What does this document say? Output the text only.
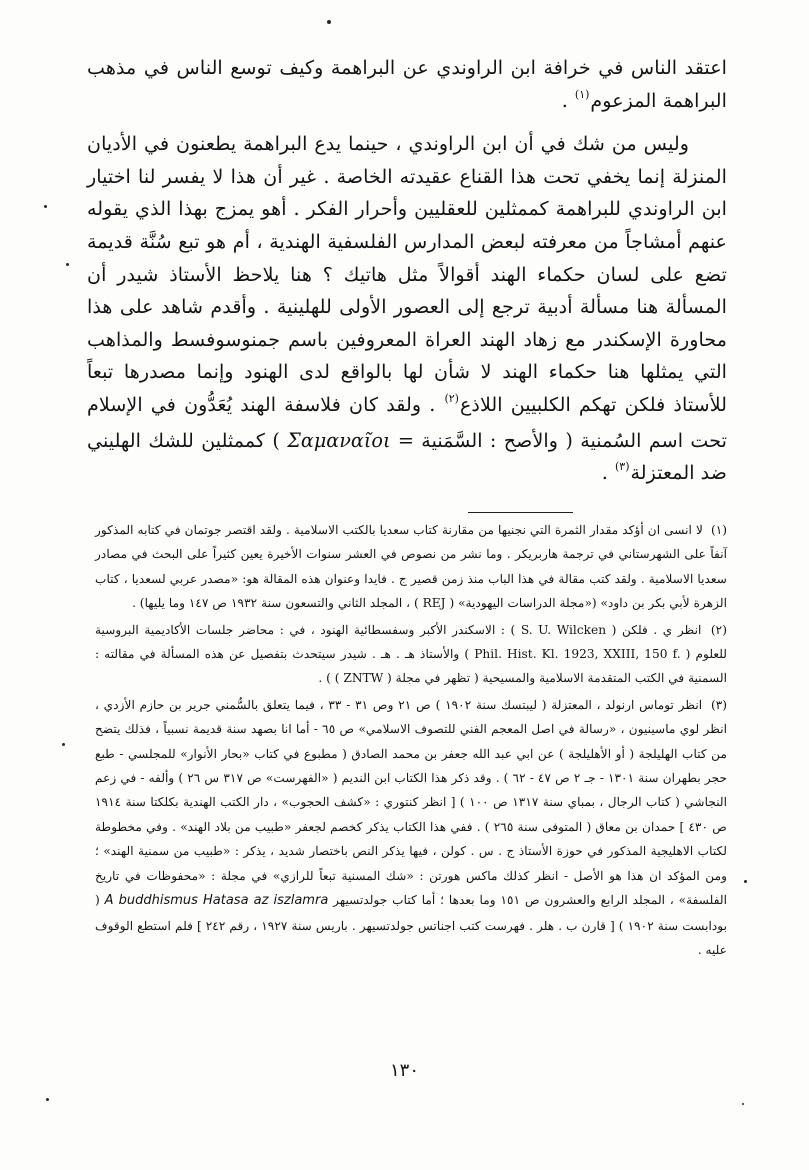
اعتقد الناس في خرافة ابن الراوندي عن البراهمة وكيف توسع الناس في مذهب البراهمة المزعوم$^{(١)}$ .

وليس من شك في أن ابن الراوندي ، حينما يدع البراهمة يطعنون في الأديان المنزلة إنما يخفي تحت هذا القناع عقيدته الخاصة . غير أن هذا لا يفسر لنا اختيار ابن الراوندي للبراهمة كممثلين للعقليين وأحرار الفكر . أهو يمزج بهذا الذي يقوله عنهم أمشاجاً من معرفته لبعض المدارس الفلسفية الهندية ، أم هو تبع سُنَّة قديمة تضع على لسان حكماء الهند أقوالاً مثل هاتيك ؟ هنا يلاحظ الأستاذ شيدر أن المسألة هنا مسألة أدبية ترجع إلى العصور الأولى للهلينية . وأقدم شاهد على هذا محاورة الإسكندر مع زهاد الهند العراة المعروفين باسم جمنوسوفسط والمذاهب التي يمثلها هنا حكماء الهند لا شأن لها بالواقع لدى الهنود وإنما مصدرها تبعاً للأستاذ فلكن تهكم الكلبيين اللاذع$^{(٢)}$ . ولقد كان فلاسفة الهند يُعَدُّون في الإسلام تحت اسم السُمنية ( والأصح : السَّمَنية = Σαμαναῖοι ) كممثلين للشك الهليني ضد المعتزلة$^{(٣)}$ .

(١) لا انسى ان أؤكد مقدار الثمرة التي نجنيها من مقارنة كتاب سعديا بالكتب الاسلامية . ولقد اقتصر جوتمان في كتابه المذكور آنفاً على الشهرستاني في ترجمة هاربريكر . وما نشر من نصوص في العشر سنوات الأخيرة يعين كثيراً على البحث في مصادر سعديا الاسلامية . ولقد كتب مقالة في هذا الباب منذ زمن قصير ج . فايدا وعنوان هذه المقالة هو: «مصدر عربي لسعديا ، كتاب الزهرة لأبي بكر بن داود» («مجلة الدراسات اليهودية» ( REJ ) ، المجلد الثاني والتسعون سنة ١٩٣٢ ص ١٤٧ وما يليها) .

(٢) انظر ي . فلكن ( S. U. Wilcken ) : الاسكندر الأكبر وسفسطائية الهنود ، في : محاضر جلسات الأكاديمية البروسية للعلوم ( Phil. Hist. Kl. 1923, XXIII, 150 f. ) والأستاذ هـ . هـ . شيدر سيتحدث بتفصيل عن هذه المسألة في مقالته : السمنية في الكتب المتقدمة الاسلامية والمسيحية ( تظهر في مجلة ( ZNTW ) ) .

(٣) انظر توماس ارنولد ، المعتزلة ( ليبتسك سنة ١٩٠٢ ) ص ٢١ وص ٣١ - ٣٣ ، فيما يتعلق بالسُّمني جرير بن حازم الأزدي ، انظر لوي ماسينيون ، «رسالة في اصل المعجم الفني للتصوف الاسلامي» ص ٦٥ - أما انا بصهد سنة قديمة نسبياً ، فذلك يتضح من كتاب الهليلجة ( أو الأهليلجة ) عن ابي عبد الله جعفر بن محمد الصادق ( مطبوع في كتاب «بحار الأنوار» للمجلسي - طبع حجر بطهران سنة ١٣٠١ - جـ ٢ ص ٤٧ - ٦٢ ) . وقد ذكر هذا الكتاب ابن النديم ( «الفهرست» ص ٣١٧ س ٢٦ ) وألفه - في زعم النجاشي ( كتاب الرجال ، بمباي سنة ١٣١٧ ص ١٠٠ ) [ انظر كنتوري : «كشف الحجوب» ، دار الكتب الهندية بكلكتا سنة ١٩١٤ ص ٤٣٠ ] حمدان بن معاق ( المتوفى سنة ٢٦٥ ) . ففي هذا الكتاب يذكر كخصم لجعفر «طبيب من بلاد الهند» . وفي مخطوطة لكتاب الاهليجية المذكور في حوزة الأستاذ ج . س . كولن ، فيها يذكر النص باختصار شديد ، يذكر : «طبيب من سمنية الهند» ؛ ومن المؤكد ان هذا هو الأصل - انظر كذلك ماكس هورتن : «شك المسنية تبعاً للرازي» في مجلة : «محفوظات في تاريخ الفلسفة» ، المجلد الرابع والعشرون ص ١٥١ وما بعدها ؛ أما كتاب جولدتسيهر A buddhismus Hatasa az iszlamra ( بودابست سنة ١٩٠٢ ) [ قارن ب . هلر . فهرست كتب اجناتس جولدتسيهر . باريس سنة ١٩٢٧ ، رقم ٢٤٢ ] فلم استطع الوقوف عليه .

١٣٠
